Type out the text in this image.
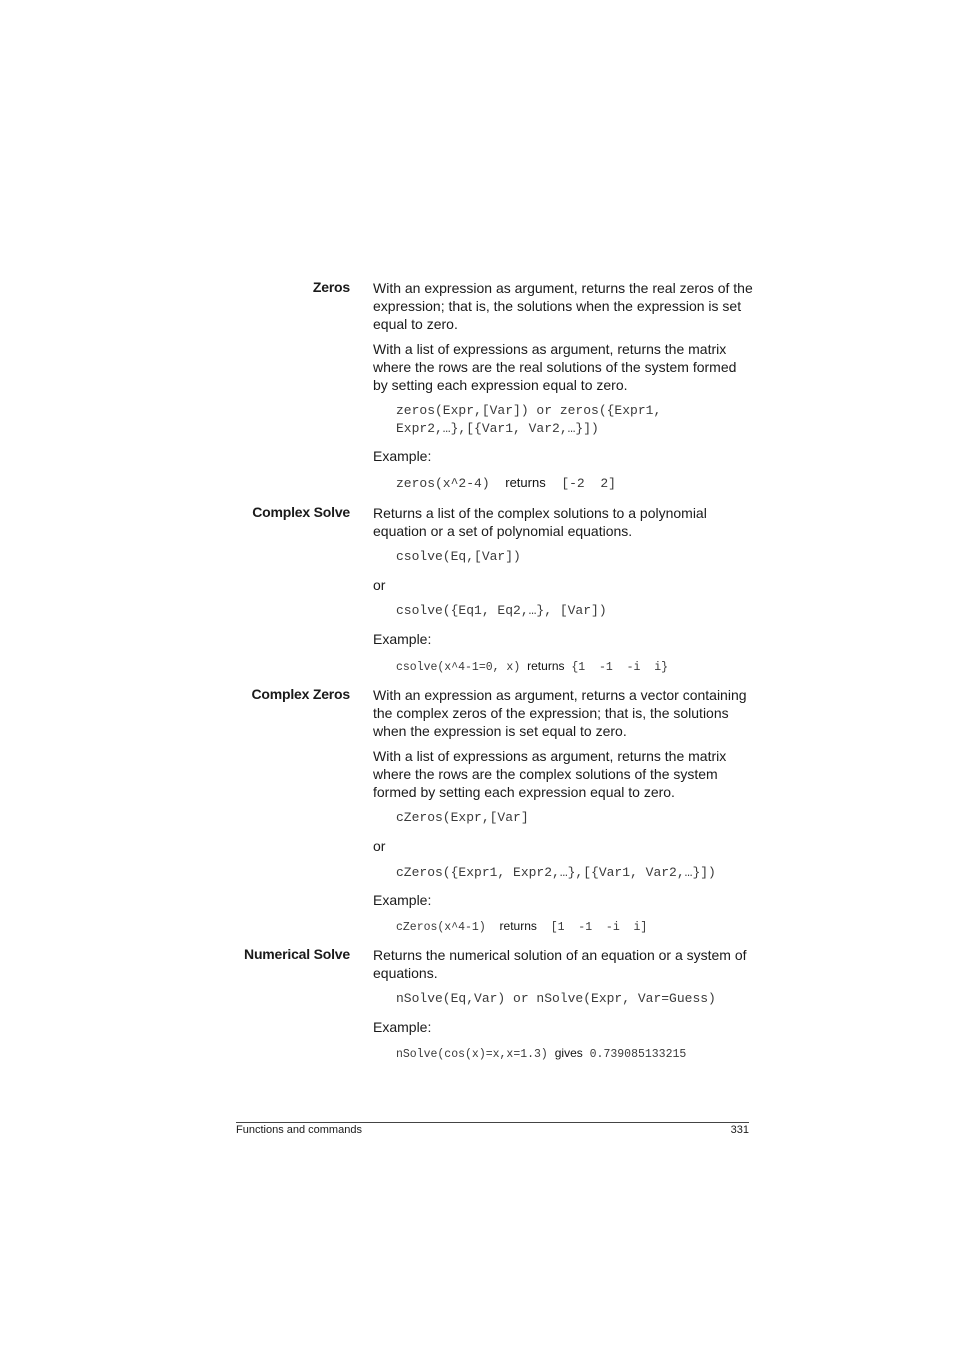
Zeros With an expression as argument, returns the real zeros of the expression; that is, the solutions when the expression is set equal to zero.
With a list of expressions as argument, returns the matrix where the rows are the real solutions of the system formed by setting each expression equal to zero.
zeros(Expr,[Var]) or zeros({Expr1,
Expr2,…},[{Var1, Var2,…}])
Example:
zeros(x^2-4) returns [-2  2]
Complex Solve Returns a list of the complex solutions to a polynomial equation or a set of polynomial equations.
csolve(Eq,[Var])
or
csolve({Eq1, Eq2,…}, [Var])
Example:
csolve(x^4-1=0, x) returns {1  -1  -i  i}
Complex Zeros With an expression as argument, returns a vector containing the complex zeros of the expression; that is, the solutions when the expression is set equal to zero.
With a list of expressions as argument, returns the matrix where the rows are the complex solutions of the system formed by setting each expression equal to zero.
cZeros(Expr,[Var]
or
cZeros({Expr1, Expr2,…},[{Var1, Var2,…}])
Example:
cZeros(x^4-1) returns [1  -1  -i  i]
Numerical Solve Returns the numerical solution of an equation or a system of equations.
nSolve(Eq,Var) or nSolve(Expr, Var=Guess)
Example:
nSolve(cos(x)=x,x=1.3) gives 0.739085133215
Functions and commands	331
